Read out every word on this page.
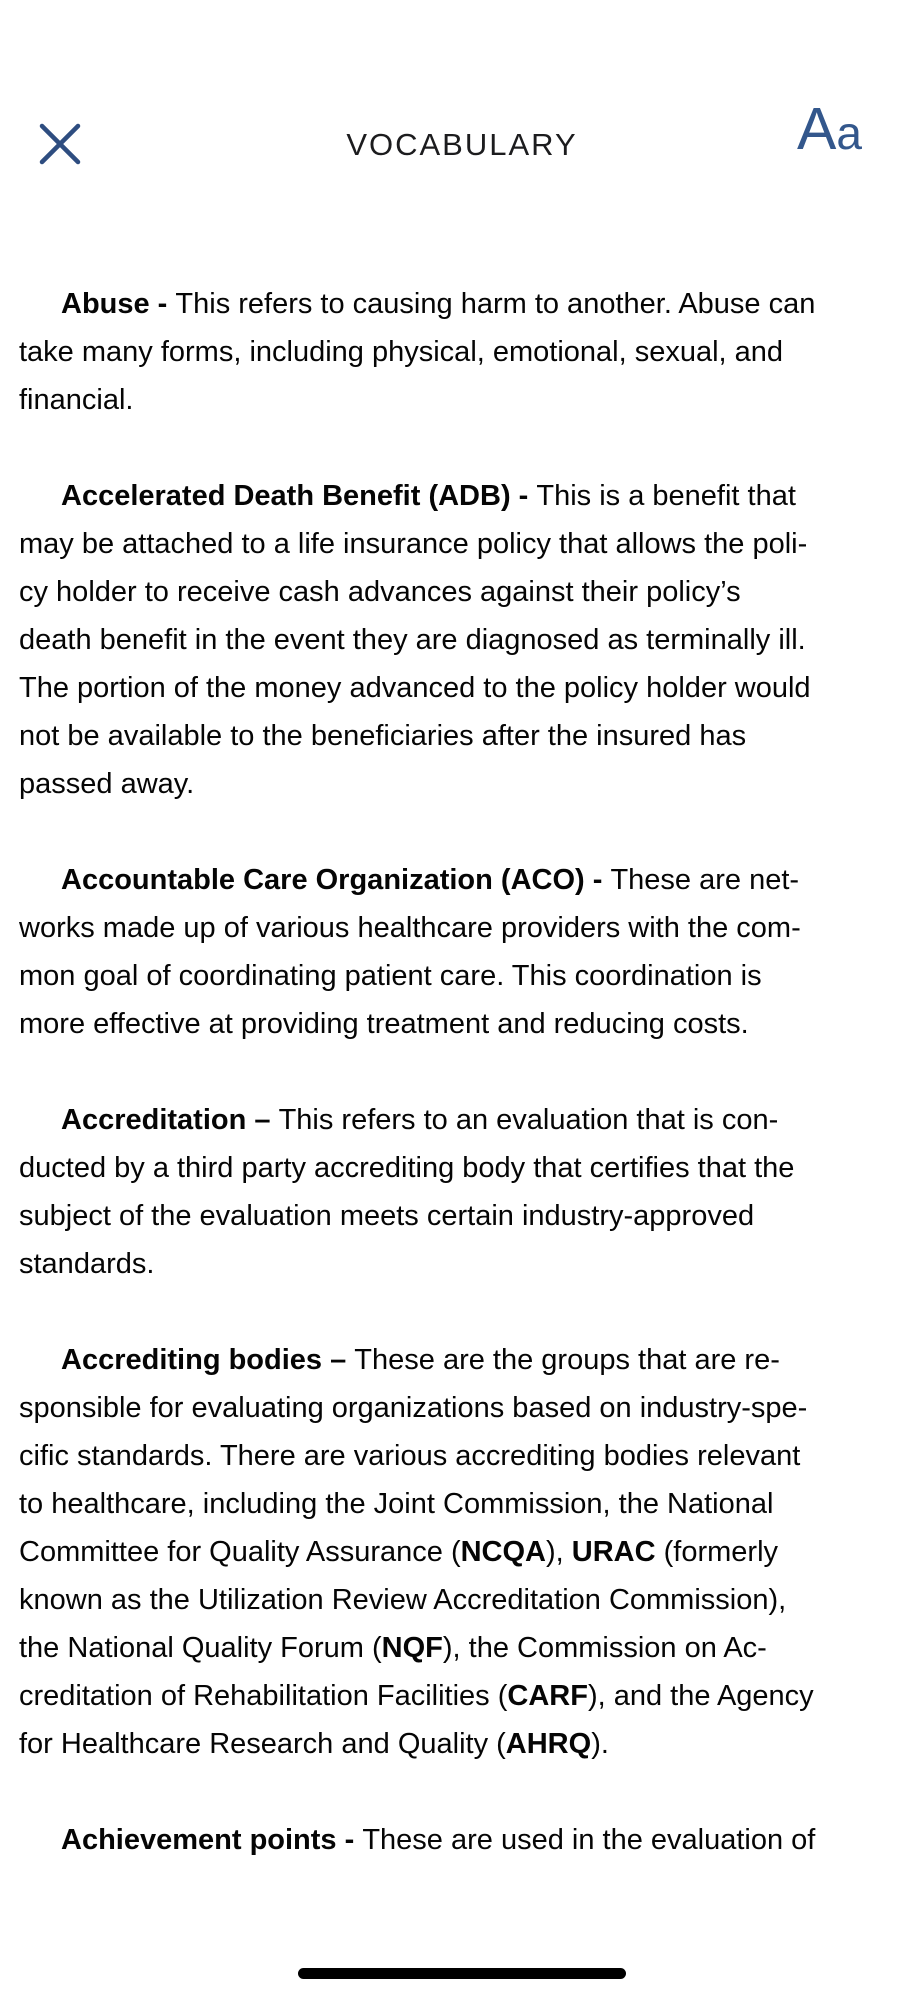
VOCABULARY	A a

Abuse - This refers to causing harm to another. Abuse can
take many forms, including physical, emotional, sexual, and
financial.

Accelerated Death Benefit (ADB) - This is a benefit that
may be attached to a life insurance policy that allows the poli-
cy holder to receive cash advances against their policy’s
death benefit in the event they are diagnosed as terminally ill.
The portion of the money advanced to the policy holder would
not be available to the beneficiaries after the insured has
passed away.

Accountable Care Organization (ACO) - These are net-
works made up of various healthcare providers with the com-
mon goal of coordinating patient care. This coordination is
more effective at providing treatment and reducing costs.

Accreditation – This refers to an evaluation that is con-
ducted by a third party accrediting body that certifies that the
subject of the evaluation meets certain industry-approved
standards.

Accrediting bodies – These are the groups that are re-
sponsible for evaluating organizations based on industry-spe-
cific standards. There are various accrediting bodies relevant
to healthcare, including the Joint Commission, the National
Committee for Quality Assurance (NCQA), URAC (formerly
known as the Utilization Review Accreditation Commission),
the National Quality Forum (NQF), the Commission on Ac-
creditation of Rehabilitation Facilities (CARF), and the Agency
for Healthcare Research and Quality (AHRQ).

Achievement points - These are used in the evaluation of
